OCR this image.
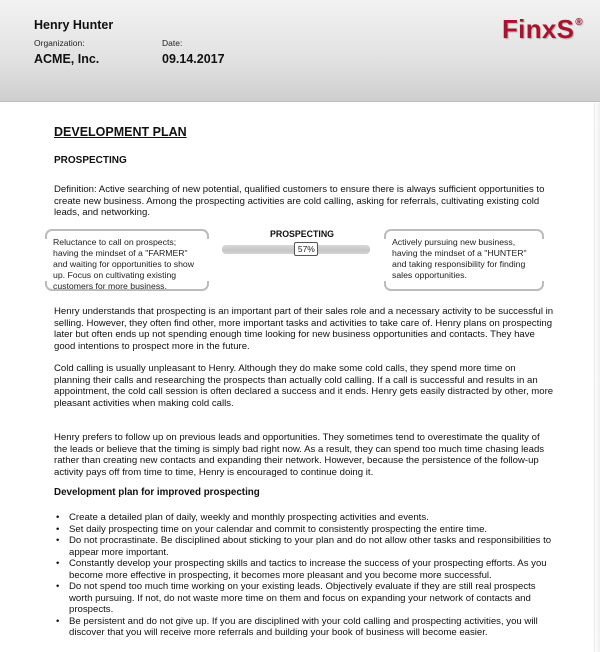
Henry Hunter
Organization:
ACME, Inc.
Date:
09.14.2017
FinxS®
DEVELOPMENT PLAN
PROSPECTING

Definition: Active searching of new potential, qualified customers to ensure there is always sufficient opportunities to create new business. Among the prospecting activities are cold calling, asking for referrals, cultivating existing cold leads, and networking.

Reluctance to call on prospects; having the mindset of a "FARMER" and waiting for opportunities to show up. Focus on cultivating existing customers for more business.
PROSPECTING
57%
Actively pursuing new business, having the mindset of a "HUNTER" and taking responsibility for finding sales opportunities.

Henry understands that prospecting is an important part of their sales role and a necessary activity to be successful in selling. However, they often find other, more important tasks and activities to take care of. Henry plans on prospecting later but often ends up not spending enough time looking for new business opportunities and contacts. They have good intentions to prospect more in the future.

Cold calling is usually unpleasant to Henry. Although they do make some cold calls, they spend more time on planning their calls and researching the prospects than actually cold calling. If a call is successful and results in an appointment, the cold call session is often declared a success and it ends. Henry gets easily distracted by other, more pleasant activities when making cold calls.

Henry prefers to follow up on previous leads and opportunities. They sometimes tend to overestimate the quality of the leads or believe that the timing is simply bad right now. As a result, they can spend too much time chasing leads rather than creating new contacts and expanding their network. However, because the persistence of the follow-up activity pays off from time to time, Henry is encouraged to continue doing it.

Development plan for improved prospecting
• Create a detailed plan of daily, weekly and monthly prospecting activities and events.
• Set daily prospecting time on your calendar and commit to consistently prospecting the entire time.
• Do not procrastinate. Be disciplined about sticking to your plan and do not allow other tasks and responsibilities to appear more important.
• Constantly develop your prospecting skills and tactics to increase the success of your prospecting efforts. As you become more effective in prospecting, it becomes more pleasant and you become more successful.
• Do not spend too much time working on your existing leads. Objectively evaluate if they are still real prospects worth pursuing. If not, do not waste more time on them and focus on expanding your network of contacts and prospects.
• Be persistent and do not give up. If you are disciplined with your cold calling and prospecting activities, you will discover that you will receive more referrals and building your book of business will become easier.
